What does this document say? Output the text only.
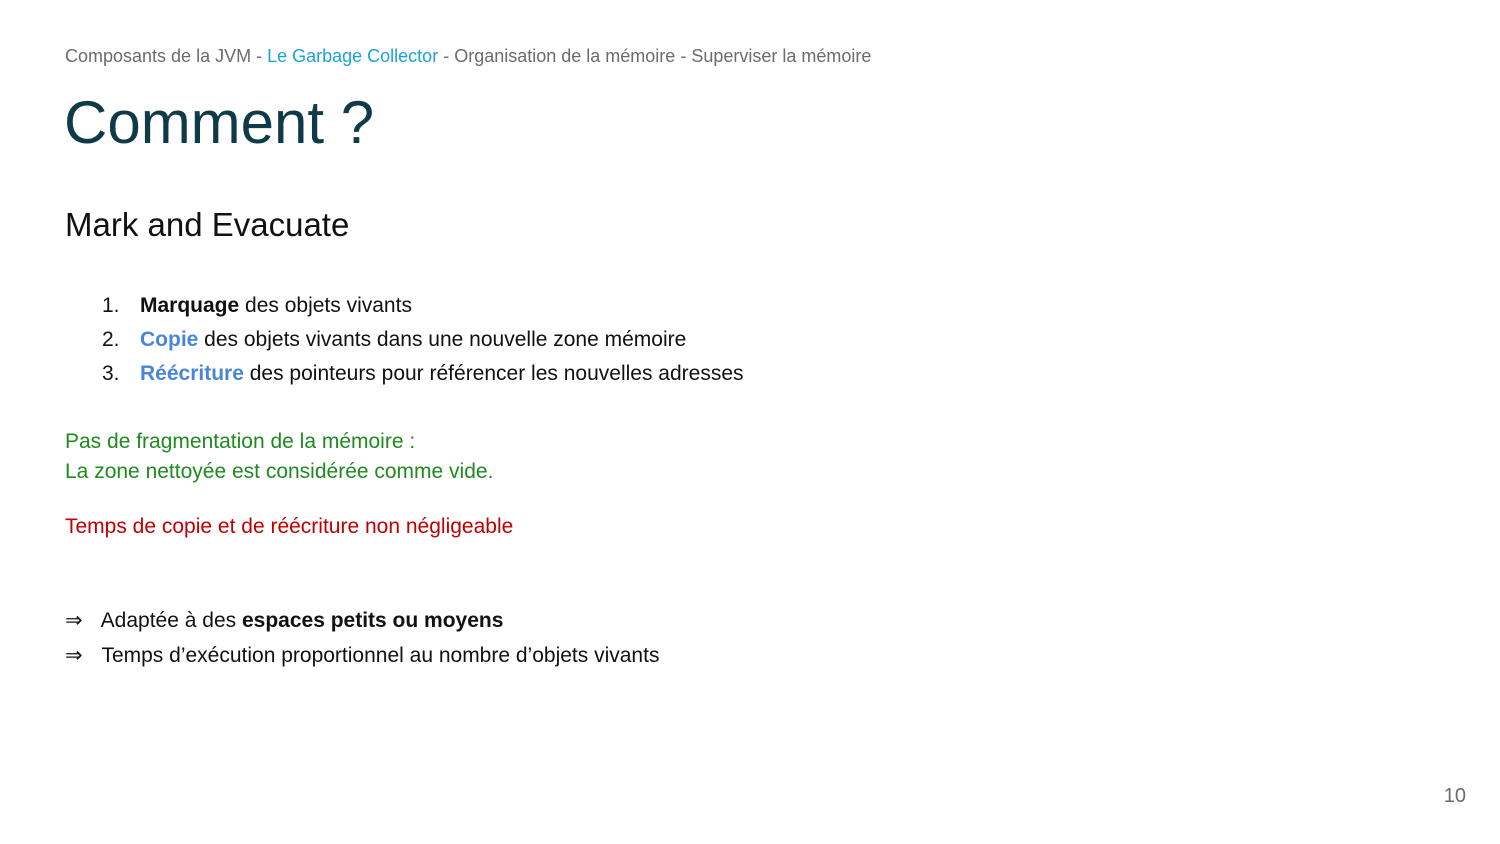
Composants de la JVM - Le Garbage Collector - Organisation de la mémoire - Superviser la mémoire
Comment ?
Mark and Evacuate
1. Marquage des objets vivants
2. Copie des objets vivants dans une nouvelle zone mémoire
3. Réécriture des pointeurs pour référencer les nouvelles adresses
Pas de fragmentation de la mémoire :
La zone nettoyée est considérée comme vide.
Temps de copie et de réécriture non négligeable
⇒ Adaptée à des espaces petits ou moyens
⇒ Temps d’exécution proportionnel au nombre d’objets vivants
10
